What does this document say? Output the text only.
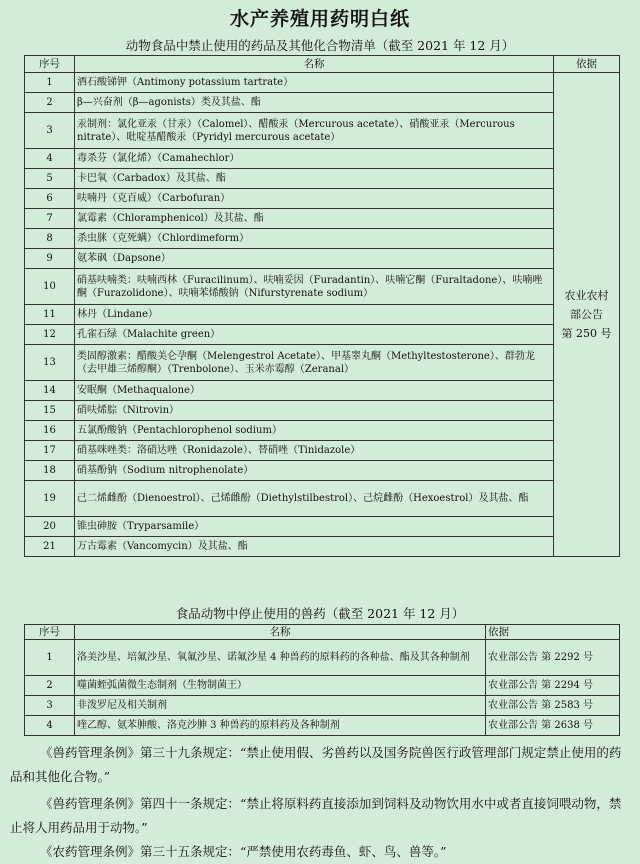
水产养殖用药明白纸
动物食品中禁止使用的药品及其他化合物清单（截至 2021 年 12 月）
序号	名称	依据
1	酒石酸锑钾（Antimony potassium tartrate）	农业农村
部公告
第 250 号

2	β—兴奋剂（β—agonists）类及其盐、酯	
3	汞制剂：氯化亚汞（甘汞）（Calomel）、醋酸汞（Mercurous acetate）、硝酸亚汞（Mercurous nitrate）、吡啶基醋酸汞（Pyridyl mercurous acetate）	
4	毒杀芬（氯化烯）（Camahechlor）	
5	卡巴氧（Carbadox）及其盐、酯	
6	呋喃丹（克百威）（Carbofuran）	
7	氯霉素（Chloramphenicol）及其盐、酯	
8	杀虫脒（克死螨）（Chlordimeform）	
9	氨苯砜（Dapsone）	
10	硝基呋喃类：呋喃西林（Furacilinum）、呋喃妥因（Furadantin）、呋喃它酮（Furaltadone）、呋喃唑酮（Furazolidone）、呋喃苯烯酸钠（Nifurstyrenate sodium）	
11	林丹（Lindane）	
12	孔雀石绿（Malachite green）	
13	类固醇激素：醋酸美仑孕酮（Melengestrol Acetate）、甲基睾丸酮（Methyltestosterone）、群勃龙（去甲雄三烯醇酮）（Trenbolone）、玉米赤霉醇（Zeranal）	
14	安眠酮（Methaqualone）	
15	硝呋烯腙（Nitrovin）	
16	五氯酚酸钠（Pentachlorophenol sodium）	
17	硝基咪唑类：洛硝达唑（Ronidazole）、替硝唑（Tinidazole）	
18	硝基酚钠（Sodium nitrophenolate）	
19	己二烯雌酚（Dienoestrol）、己烯雌酚（Diethylstilbestrol）、己烷雌酚（Hexoestrol）及其盐、酯	
20	锥虫砷胺（Tryparsamile）	
21	万古霉素（Vancomycin）及其盐、酯	
食品动物中停止使用的兽药（截至 2021 年 12 月）
序号	名称	依据
1	洛美沙星、培氟沙星、氧氟沙星、诺氟沙星 4 种兽药的原料药的各种盐、酯及其各种制剂	农业部公告 第 2292 号
2	噬菌蛭弧菌微生态制剂（生物制菌王）	农业部公告 第 2294 号
3	非泼罗尼及相关制剂	农业部公告 第 2583 号
4	喹乙醇、氨苯胂酸、洛克沙胂 3 种兽药的原料药及各种制剂	农业部公告 第 2638 号
《兽药管理条例》第三十九条规定：“禁止使用假、劣兽药以及国务院兽医行政管理部门规定禁止使用的药品和其他化合物。”
《兽药管理条例》第四十一条规定：“禁止将原料药直接添加到饲料及动物饮用水中或者直接饲喂动物，禁止将人用药品用于动物。”
《农药管理条例》第三十五条规定：“严禁使用农药毒鱼、虾、鸟、兽等。”
